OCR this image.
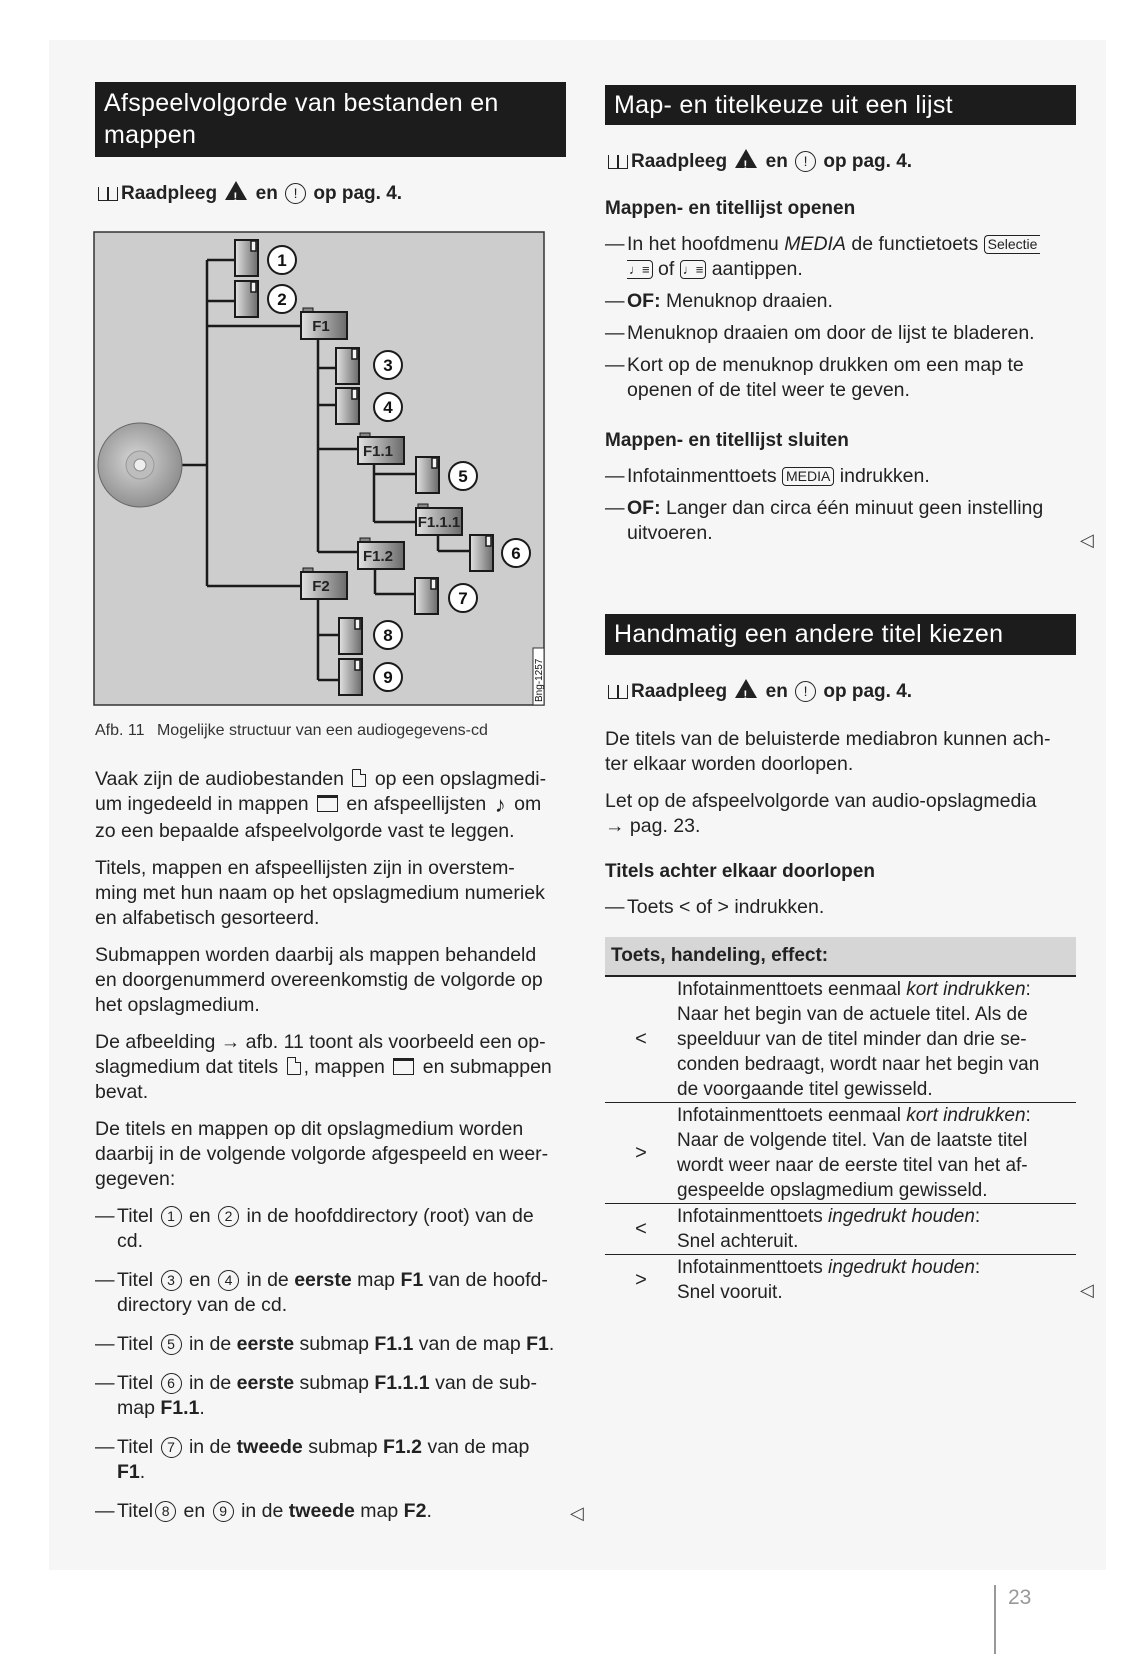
Afspeelvolgorde van bestanden en mappen
Raadpleeg ! en ! op pag. 4.
F1
F1.1
F1.1.1
F1.2
F2
1
2
3
4
5
6
7
8
9	Bng-1257
Afb. 11 Mogelijke structuur van een audiogegevens-cd
Vaak zijn de audiobestanden  op een opslagmedi-
um ingedeeld in mappen  en afspeellijsten ♪ om
zo een bepaalde afspeelvolgorde vast te leggen.
Titels, mappen en afspeellijsten zijn in overstem-
ming met hun naam op het opslagmedium numeriek
en alfabetisch gesorteerd.
Submappen worden daarbij als mappen behandeld
en doorgenummerd overeenkomstig de volgorde op
het opslagmedium.
De afbeelding → afb. 11 toont als voorbeeld een op-
slagmedium dat titels , mappen  en submappen
bevat.
De titels en mappen op dit opslagmedium worden
daarbij in de volgende volgorde afgespeeld en weer-
gegeven:
— Titel 1 en 2 in de hoofddirectory (root) van de
cd.
— Titel 3 en 4 in de eerste map F1 van de hoofd-
directory van de cd.
— Titel 5 in de eerste submap F1.1 van de map F1.
— Titel 6 in de eerste submap F1.1.1 van de sub-
map F1.1.
— Titel 7 in de tweede submap F1.2 van de map
F1.
— Titel 8 en 9 in de tweede map F2.	◁
Map- en titelkeuze uit een lijst
Raadpleeg ! en ! op pag. 4.
Mappen- en titellijst openen
— In het hoofdmenu MEDIA de functietoets Selectie
♩≡ of ♩≡ aantippen.
— OF: Menuknop draaien.
— Menuknop draaien om door de lijst te bladeren.
— Kort op de menuknop drukken om een map te
openen of de titel weer te geven.
Mappen- en titellijst sluiten
— Infotainmenttoets MEDIA indrukken.
— OF: Langer dan circa één minuut geen instelling
uitvoeren.	◁
Handmatig een andere titel kiezen
Raadpleeg ! en ! op pag. 4.
De titels van de beluisterde mediabron kunnen ach-
ter elkaar worden doorlopen.
Let op de afspeelvolgorde van audio-opslagmedia
→ pag. 23.
Titels achter elkaar doorlopen
— Toets < of > indrukken.
Toets, handeling, effect:	
<	Infotainmenttoets eenmaal kort indrukken:
Naar het begin van de actuele titel. Als de
speelduur van de titel minder dan drie se-
conden bedraagt, wordt naar het begin van
de voorgaande titel gewisseld.
>	Infotainmenttoets eenmaal kort indrukken:
Naar de volgende titel. Van de laatste titel
wordt weer naar de eerste titel van het af-
gespeelde opslagmedium gewisseld.
<	Infotainmenttoets ingedrukt houden:
Snel achteruit.
>	Infotainmenttoets ingedrukt houden:
Snel vooruit.	◁
23
